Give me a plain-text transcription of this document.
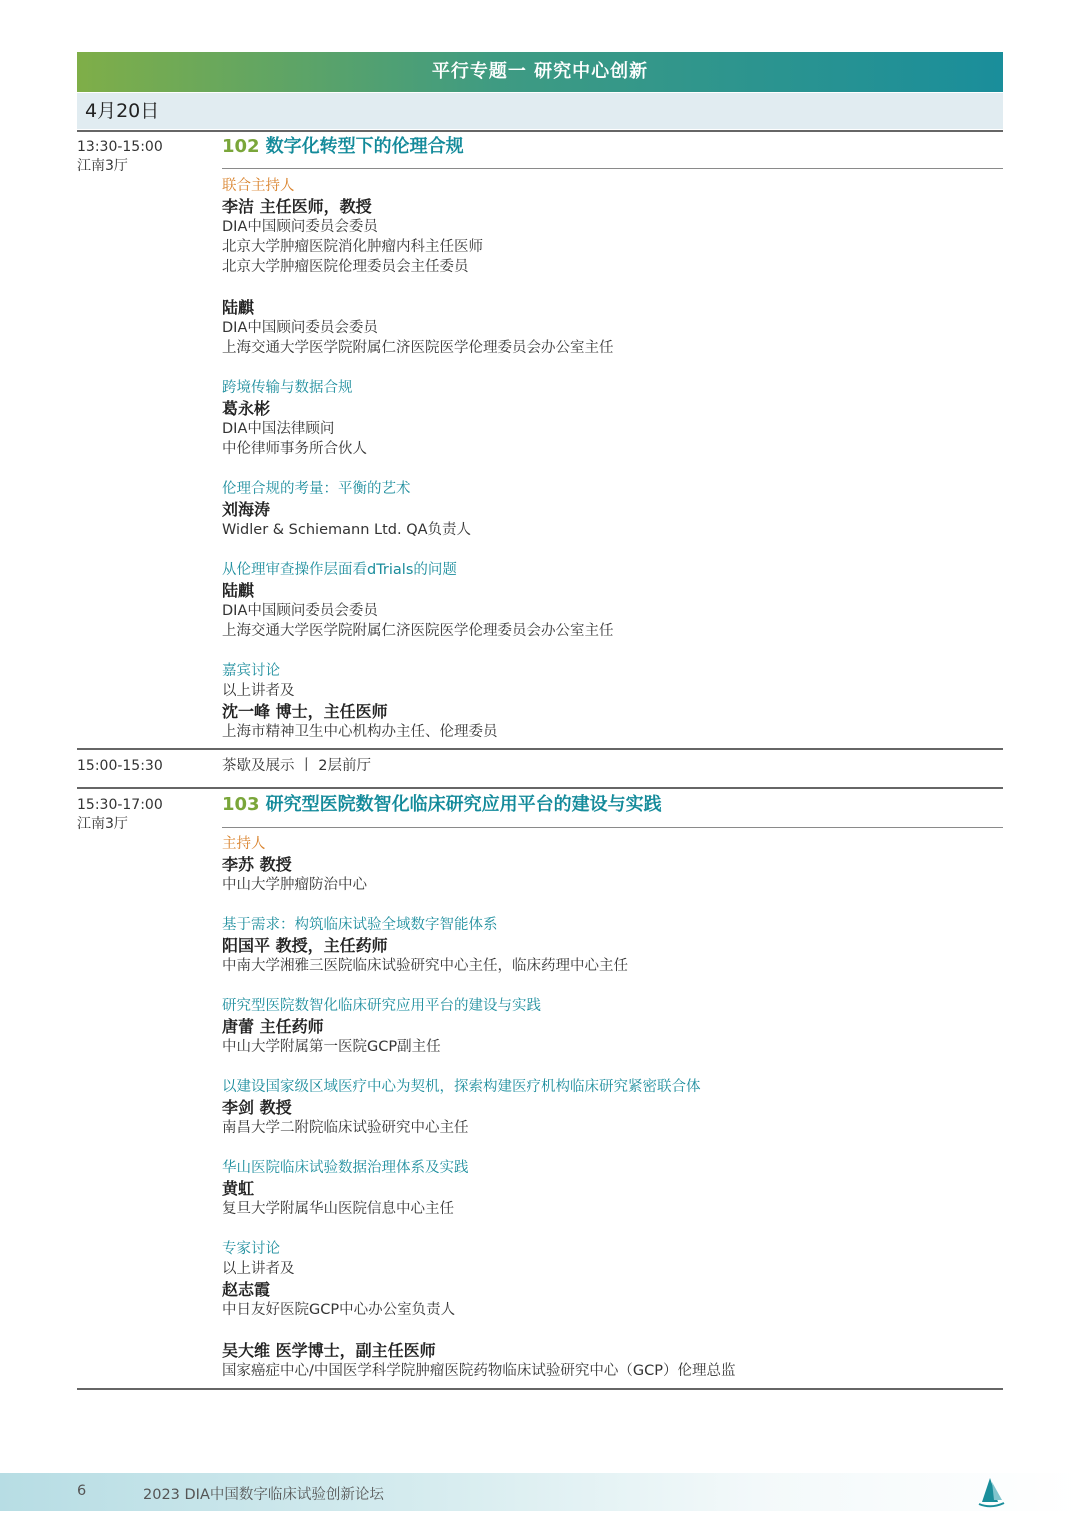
平行专题一 研究中心创新
4月20日
13:30-15:00
江南3厅
102 数字化转型下的伦理合规
联合主持人
李洁 主任医师，教授
DIA中国顾问委员会委员
北京大学肿瘤医院消化肿瘤内科主任医师
北京大学肿瘤医院伦理委员会主任委员
陆麒
DIA中国顾问委员会委员
上海交通大学医学院附属仁济医院医学伦理委员会办公室主任
跨境传输与数据合规
葛永彬
DIA中国法律顾问
中伦律师事务所合伙人
伦理合规的考量：平衡的艺术
刘海涛
Widler & Schiemann Ltd. QA负责人
从伦理审查操作层面看dTrials的问题
陆麒
DIA中国顾问委员会委员
上海交通大学医学院附属仁济医院医学伦理委员会办公室主任
嘉宾讨论
以上讲者及
沈一峰 博士，主任医师
上海市精神卫生中心机构办主任、伦理委员
15:00-15:30	茶歇及展示 丨 2层前厅
15:30-17:00
江南3厅
103 研究型医院数智化临床研究应用平台的建设与实践
主持人
李苏 教授
中山大学肿瘤防治中心
基于需求：构筑临床试验全域数字智能体系
阳国平 教授，主任药师
中南大学湘雅三医院临床试验研究中心主任，临床药理中心主任
研究型医院数智化临床研究应用平台的建设与实践
唐蕾 主任药师
中山大学附属第一医院GCP副主任
以建设国家级区域医疗中心为契机，探索构建医疗机构临床研究紧密联合体
李剑 教授
南昌大学二附院临床试验研究中心主任
华山医院临床试验数据治理体系及实践
黄虹
复旦大学附属华山医院信息中心主任
专家讨论
以上讲者及
赵志霞
中日友好医院GCP中心办公室负责人
吴大维 医学博士，副主任医师
国家癌症中心/中国医学科学院肿瘤医院药物临床试验研究中心（GCP）伦理总监
6	2023 DIA中国数字临床试验创新论坛
